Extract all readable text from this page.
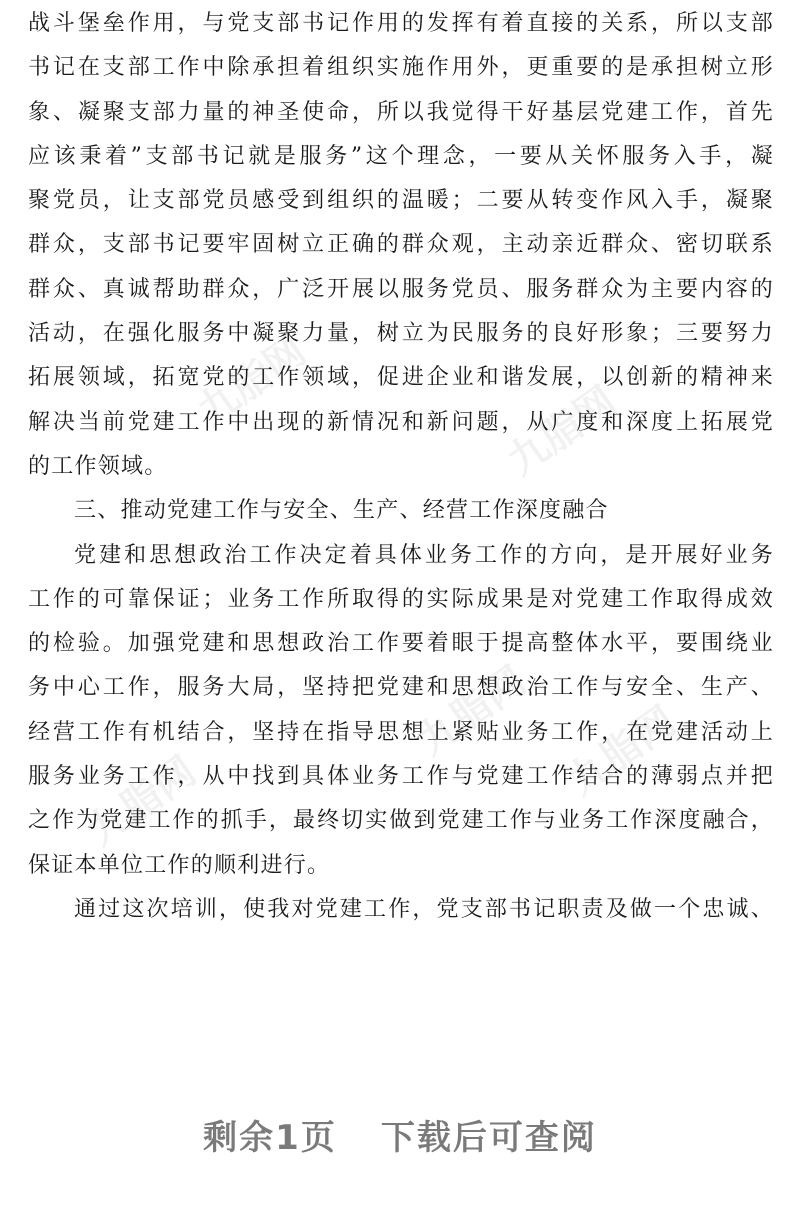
九脂网	九脂网
九脂网 九脂网
九脂网
战斗堡垒作用，与党支部书记作用的发挥有着直接的关系，所以支部
书记在支部工作中除承担着组织实施作用外，更重要的是承担树立形
象、凝聚支部力量的神圣使命，所以我觉得干好基层党建工作，首先
应该秉着”支部书记就是服务”这个理念，一要从关怀服务入手，凝
聚党员，让支部党员感受到组织的温暖；二要从转变作风入手，凝聚
群众，支部书记要牢固树立正确的群众观，主动亲近群众、密切联系
群众、真诚帮助群众，广泛开展以服务党员、服务群众为主要内容的
活动，在强化服务中凝聚力量，树立为民服务的良好形象；三要努力
拓展领域，拓宽党的工作领域，促进企业和谐发展，以创新的精神来
解决当前党建工作中出现的新情况和新问题，从广度和深度上拓展党
的工作领域。
三、推动党建工作与安全、生产、经营工作深度融合
党建和思想政治工作决定着具体业务工作的方向，是开展好业务
工作的可靠保证；业务工作所取得的实际成果是对党建工作取得成效
的检验。加强党建和思想政治工作要着眼于提高整体水平，要围绕业
务中心工作，服务大局，坚持把党建和思想政治工作与安全、生产、
经营工作有机结合，坚持在指导思想上紧贴业务工作，在党建活动上
服务业务工作，从中找到具体业务工作与党建工作结合的薄弱点并把
之作为党建工作的抓手，最终切实做到党建工作与业务工作深度融合，
保证本单位工作的顺利进行。
通过这次培训，使我对党建工作，党支部书记职责及做一个忠诚、
剩余1页 下载后可查阅
